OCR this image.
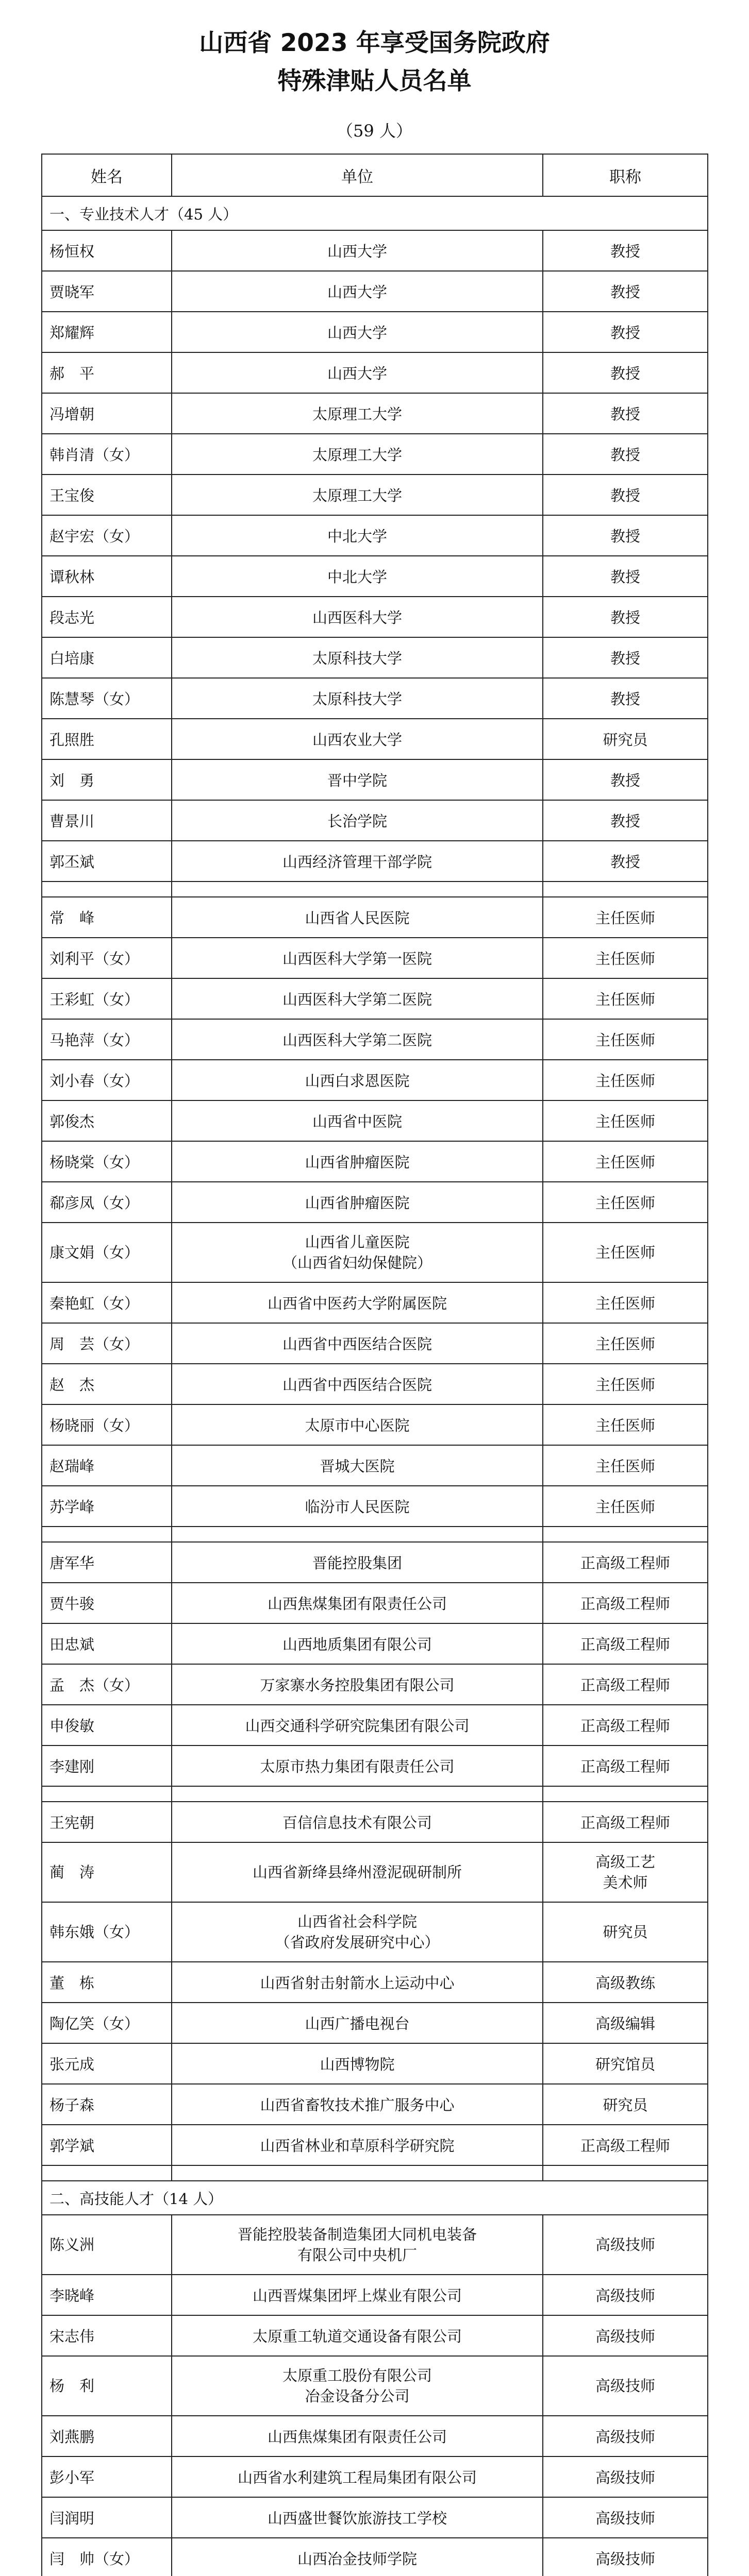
山西省 2023 年享受国务院政府
特殊津贴人员名单
（59 人）
姓名	单位	职称
一、专业技术人才（45 人）		
杨恒权	山西大学	教授
贾晓军	山西大学	教授
郑耀辉	山西大学	教授
郝　平	山西大学	教授
冯增朝	太原理工大学	教授
韩肖清（女）	太原理工大学	教授
王宝俊	太原理工大学	教授
赵宇宏（女）	中北大学	教授
谭秋林	中北大学	教授
段志光	山西医科大学	教授
白培康	太原科技大学	教授
陈慧琴（女）	太原科技大学	教授
孔照胜	山西农业大学	研究员
刘　勇	晋中学院	教授
曹景川	长治学院	教授
郭丕斌	山西经济管理干部学院	教授

常　峰	山西省人民医院	主任医师
刘利平（女）	山西医科大学第一医院	主任医师
王彩虹（女）	山西医科大学第二医院	主任医师
马艳萍（女）	山西医科大学第二医院	主任医师
刘小春（女）	山西白求恩医院	主任医师
郭俊杰	山西省中医院	主任医师
杨晓棠（女）	山西省肿瘤医院	主任医师
郗彦凤（女）	山西省肿瘤医院	主任医师
康文娟（女）	山西省儿童医院
（山西省妇幼保健院）	主任医师
秦艳虹（女）	山西省中医药大学附属医院	主任医师
周　芸（女）	山西省中西医结合医院	主任医师
赵　杰	山西省中西医结合医院	主任医师
杨晓丽（女）	太原市中心医院	主任医师
赵瑞峰	晋城大医院	主任医师
苏学峰	临汾市人民医院	主任医师

唐军华	晋能控股集团	正高级工程师
贾牛骏	山西焦煤集团有限责任公司	正高级工程师
田忠斌	山西地质集团有限公司	正高级工程师
孟　杰（女）	万家寨水务控股集团有限公司	正高级工程师
申俊敏	山西交通科学研究院集团有限公司	正高级工程师
李建刚	太原市热力集团有限责任公司	正高级工程师

王宪朝	百信信息技术有限公司	正高级工程师
蔺　涛	山西省新绛县绛州澄泥砚研制所	高级工艺
美术师

韩东娥（女）	山西省社会科学院
（省政府发展研究中心）	研究员
董　栋	山西省射击射箭水上运动中心	高级教练
陶亿笑（女）	山西广播电视台	高级编辑
张元成	山西博物院	研究馆员
杨子森	山西省畜牧技术推广服务中心	研究员
郭学斌	山西省林业和草原科学研究院	正高级工程师

二、高技能人才（14 人）		
陈义洲	晋能控股装备制造集团大同机电装备
有限公司中央机厂	高级技师
李晓峰	山西晋煤集团坪上煤业有限公司	高级技师
宋志伟	太原重工轨道交通设备有限公司	高级技师
杨　利	太原重工股份有限公司
冶金设备分公司	高级技师
刘燕鹏	山西焦煤集团有限责任公司	高级技师
彭小军	山西省水利建筑工程局集团有限公司	高级技师
闫润明	山西盛世餐饮旅游技工学校	高级技师
闫　帅（女）	山西冶金技师学院	高级技师
